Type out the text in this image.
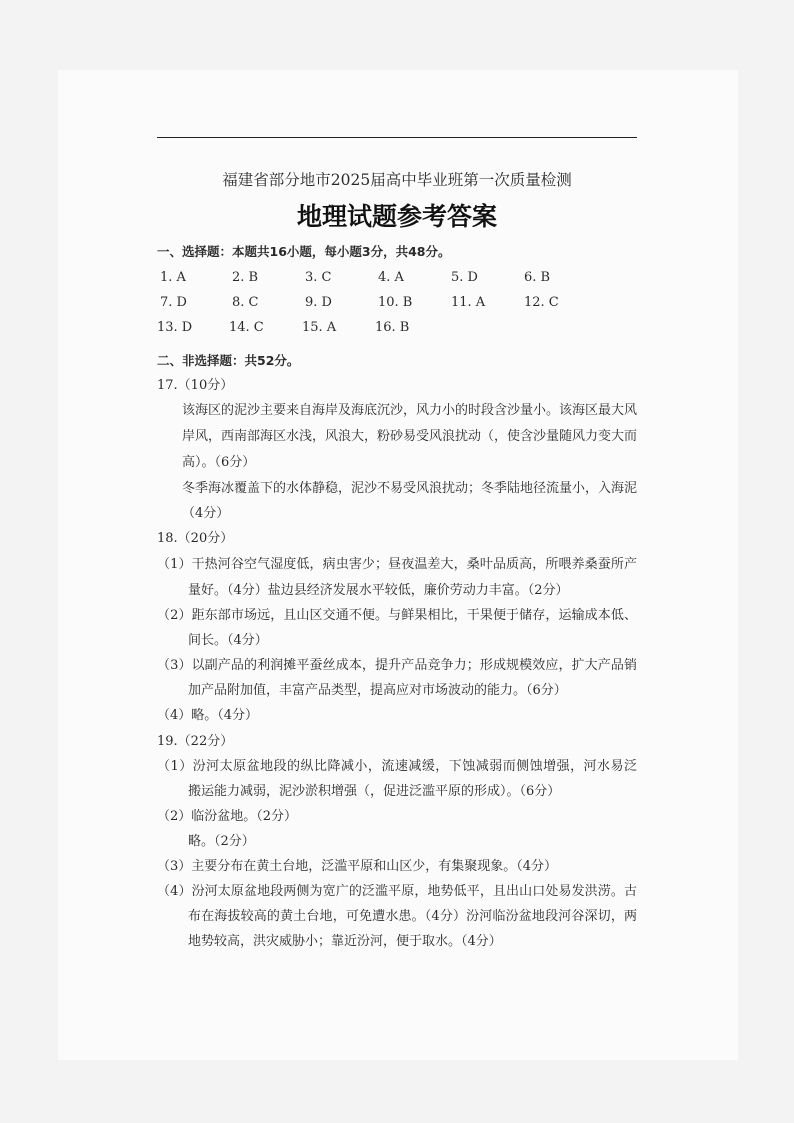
福建省部分地市2025届高中毕业班第一次质量检测
地理试题参考答案
一、选择题：本题共16小题，每小题3分，共48分。
1. A	2. B	3. C	4. A	5. D	6. B
7. D	8. C	9. D	10. B	11. A	12. C
13. D	14. C	15. A	16. B
二、非选择题：共52分。
17.（10分）
该海区的泥沙主要来自海岸及海底沉沙，风力小的时段含沙量小。该海区最大风
岸风，西南部海区水浅，风浪大，粉砂易受风浪扰动（，使含沙量随风力变大而
高）。（6分）
冬季海冰覆盖下的水体静稳，泥沙不易受风浪扰动；冬季陆地径流量小，入海泥
（4分）
18.（20分）
（1）干热河谷空气湿度低，病虫害少；昼夜温差大，桑叶品质高，所喂养桑蚕所产
量好。（4分）盐边县经济发展水平较低，廉价劳动力丰富。（2分）
（2）距东部市场远，且山区交通不便。与鲜果相比，干果便于储存，运输成本低、
间长。（4分）
（3）以副产品的利润摊平蚕丝成本，提升产品竞争力；形成规模效应，扩大产品销
加产品附加值，丰富产品类型，提高应对市场波动的能力。（6分）
（4）略。（4分）
19.（22分）
（1）汾河太原盆地段的纵比降减小，流速减缓，下蚀减弱而侧蚀增强，河水易泛
搬运能力减弱，泥沙淤积增强（，促进泛滥平原的形成）。（6分）
（2）临汾盆地。（2分）
略。（2分）
（3）主要分布在黄土台地，泛滥平原和山区少，有集聚现象。（4分）
（4）汾河太原盆地段两侧为宽广的泛滥平原，地势低平，且出山口处易发洪涝。古
布在海拔较高的黄土台地，可免遭水患。（4分）汾河临汾盆地段河谷深切，两
地势较高，洪灾威胁小；靠近汾河，便于取水。（4分）
